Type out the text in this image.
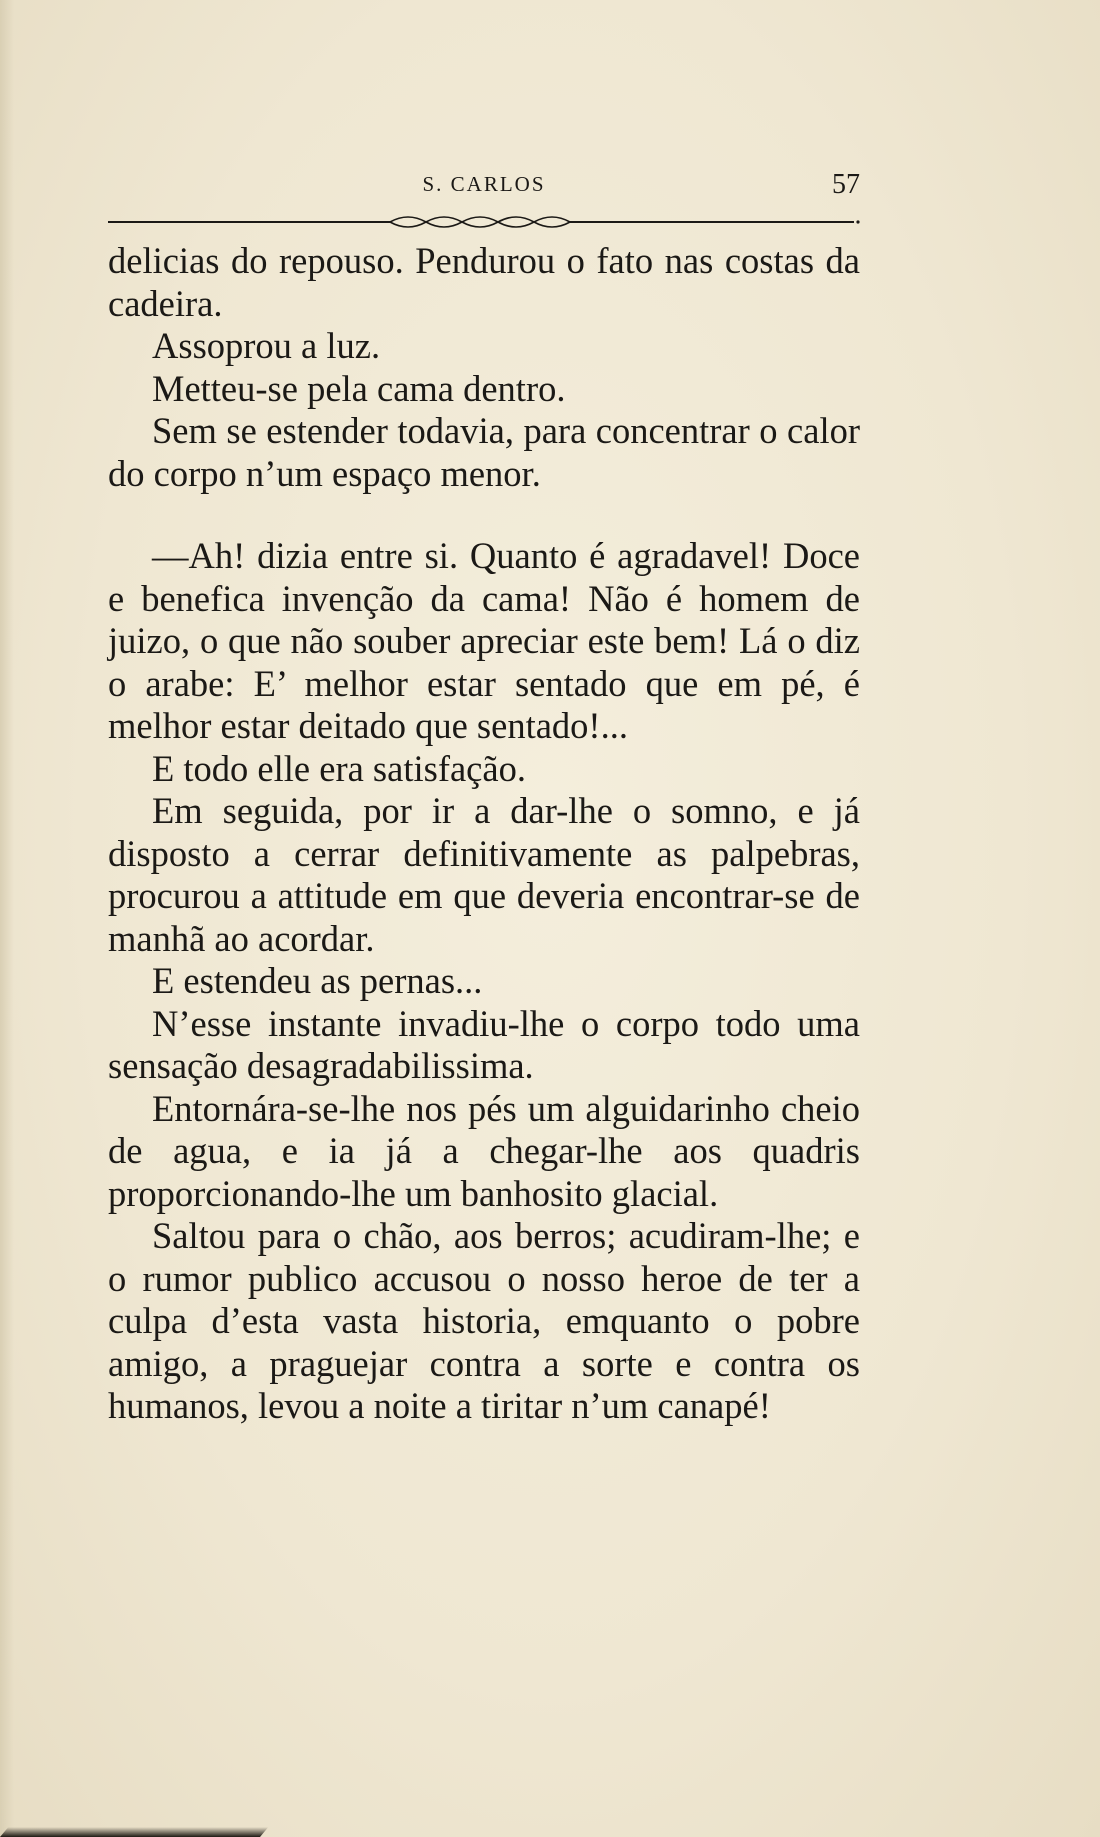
S. CARLOS	57

delicias do repouso. Pendurou o fato nas costas da cadeira.

Assoprou a luz.

Metteu-se pela cama dentro.

Sem se estender todavia, para concentrar o calor do corpo n’um espaço menor.

—Ah! dizia entre si. Quanto é agradavel! Doce e benefica invenção da cama! Não é homem de juizo, o que não souber apreciar este bem! Lá o diz o arabe: E’ melhor estar sentado que em pé, é melhor estar deitado que sentado!...

E todo elle era satisfação.

Em seguida, por ir a dar-lhe o somno, e já disposto a cerrar definitivamente as palpebras, procurou a attitude em que deveria encontrar-se de manhã ao acordar.

E estendeu as pernas...

N’esse instante invadiu-lhe o corpo todo uma sensação desagradabilissima.

Entornára-se-lhe nos pés um alguidarinho cheio de agua, e ia já a chegar-lhe aos quadris proporcionando-lhe um banhosito glacial.

Saltou para o chão, aos berros; acudiram-lhe; e o rumor publico accusou o nosso heroe de ter a culpa d’esta vasta historia, emquanto o pobre amigo, a praguejar contra a sorte e contra os humanos, levou a noite a tiritar n’um canapé!
